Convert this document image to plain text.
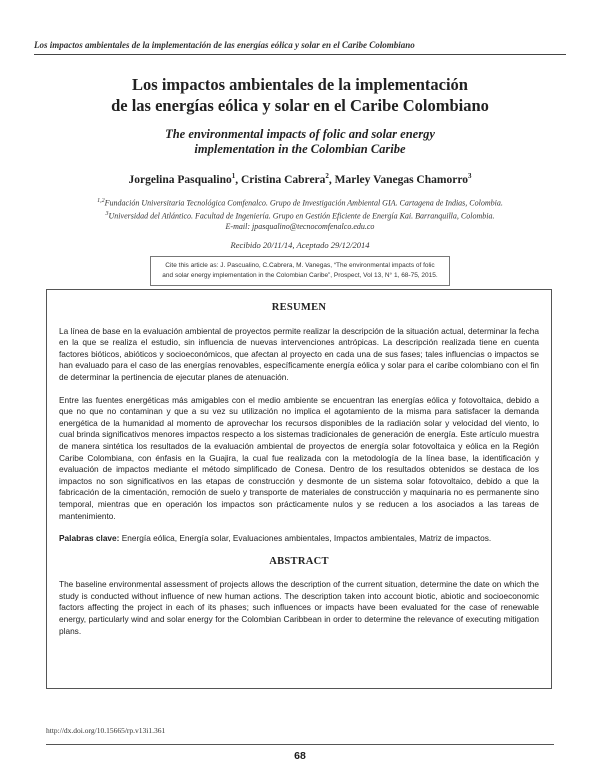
Los impactos ambientales de la implementación de las energías eólica y solar en el Caribe Colombiano
Los impactos ambientales de la implementación
de las energías eólica y solar en el Caribe Colombiano
The environmental impacts of folic and solar energy
implementation in the Colombian Caribe
Jorgelina Pasqualino$^1$, Cristina Cabrera$^2$, Marley Vanegas Chamorro$^3$
$^{1,2}$Fundación Universitaria Tecnológica Comfenalco. Grupo de Investigación Ambiental GIA. Cartagena de Indias, Colombia.
$^3$Universidad del Atlántico. Facultad de Ingeniería. Grupo en Gestión Eficiente de Energía Kai. Barranquilla, Colombia.
E-mail: jpasqualino@tecnocomfenalco.edu.co
Recibido 20/11/14, Aceptado 29/12/2014
Cite this article as: J. Pascualino, C.Cabrera, M. Vanegas, “The environmental impacts of folic and solar energy implementation in the Colombian Caribe”, Prospect, Vol 13, N° 1, 68-75, 2015.
RESUMEN

La línea de base en la evaluación ambiental de proyectos permite realizar la descripción de la situación actual, determinar la fecha en la que se realiza el estudio, sin influencia de nuevas intervenciones antrópicas. La descripción realizada tiene en cuenta factores bióticos, abióticos y socioeconómicos, que afectan al proyecto en cada una de sus fases; tales influencias o impactos se han evaluado para el caso de las energías renovables, específicamente energía eólica y solar para el caribe colombiano con el fin de determinar la pertinencia de ejecutar planes de atenuación.

Entre las fuentes energéticas más amigables con el medio ambiente se encuentran las energías eólica y fotovoltaica, debido a que no que no contaminan y que a su vez su utilización no implica el agotamiento de la misma para satisfacer la demanda energética de la humanidad al momento de aprovechar los recursos disponibles de la radiación solar y velocidad del viento, lo cual brinda significativos menores impactos respecto a los sistemas tradicionales de generación de energía. Este artículo muestra de manera sintética los resultados de la evaluación ambiental de proyectos de energía solar fotovoltaica y eólica en la Región Caribe Colombiana, con énfasis en la Guajira, la cual fue realizada con la metodología de la línea base, la identificación y evaluación de impactos mediante el método simplificado de Conesa. Dentro de los resultados obtenidos se destaca de los impactos no son significativos en las etapas de construcción y desmonte de un sistema solar fotovoltaico, debido a que la fabricación de la cimentación, remoción de suelo y transporte de materiales de construcción y maquinaria no es permanente sino temporal, mientras que en operación los impactos son prácticamente nulos y se reducen a los asociados a las tareas de mantenimiento.

Palabras clave: Energía eólica, Energía solar, Evaluaciones ambientales, Impactos ambientales, Matriz de impactos.

ABSTRACT

The baseline environmental assessment of projects allows the description of the current situation, determine the date on which the study is conducted without influence of new human actions. The description taken into account biotic, abiotic and socioeconomic factors affecting the project in each of its phases; such influences or impacts have been evaluated for the case of renewable energy, particularly wind and solar energy for the Colombian Caribbean in order to determine the relevance of executing mitigation plans.

http://dx.doi.org/10.15665/rp.v13i1.361
68
